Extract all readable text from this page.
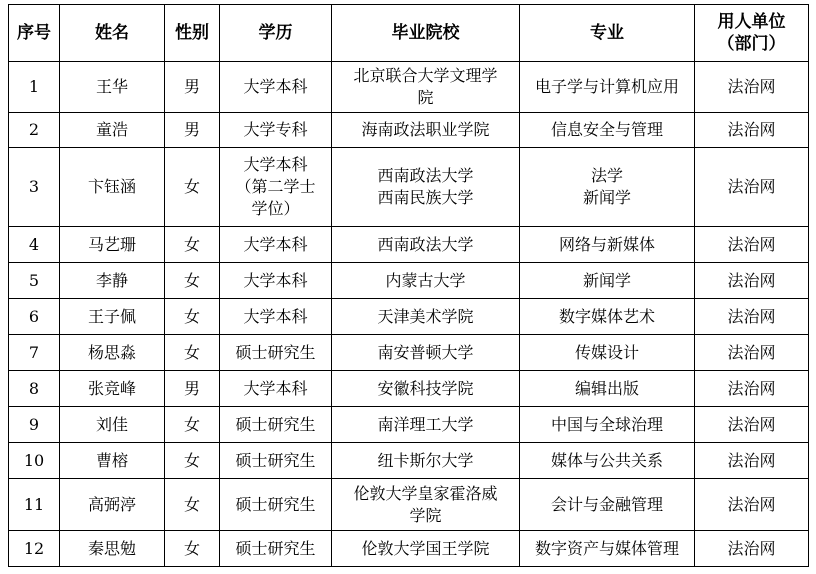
序号	姓名	性别	学历	毕业院校	专业	用人单位
（部门）

1	王华	男	大学本科	北京联合大学文理学
院	电子学与计算机应用	法治网
2	童浩	男	大学专科	海南政法职业学院	信息安全与管理	法治网
3	卞钰涵	女	大学本科
（第二学士
学位）	西南政法大学
西南民族大学	法学
新闻学	法治网
4	马艺珊	女	大学本科	西南政法大学	网络与新媒体	法治网
5	李静	女	大学本科	内蒙古大学	新闻学	法治网
6	王子佩	女	大学本科	天津美术学院	数字媒体艺术	法治网
7	杨思淼	女	硕士研究生	南安普顿大学	传媒设计	法治网
8	张竞峰	男	大学本科	安徽科技学院	编辑出版	法治网
9	刘佳	女	硕士研究生	南洋理工大学	中国与全球治理	法治网
10	曹榕	女	硕士研究生	纽卡斯尔大学	媒体与公共关系	法治网
11	高弼渟	女	硕士研究生	伦敦大学皇家霍洛威
学院	会计与金融管理	法治网
12	秦思勉	女	硕士研究生	伦敦大学国王学院	数字资产与媒体管理	法治网
